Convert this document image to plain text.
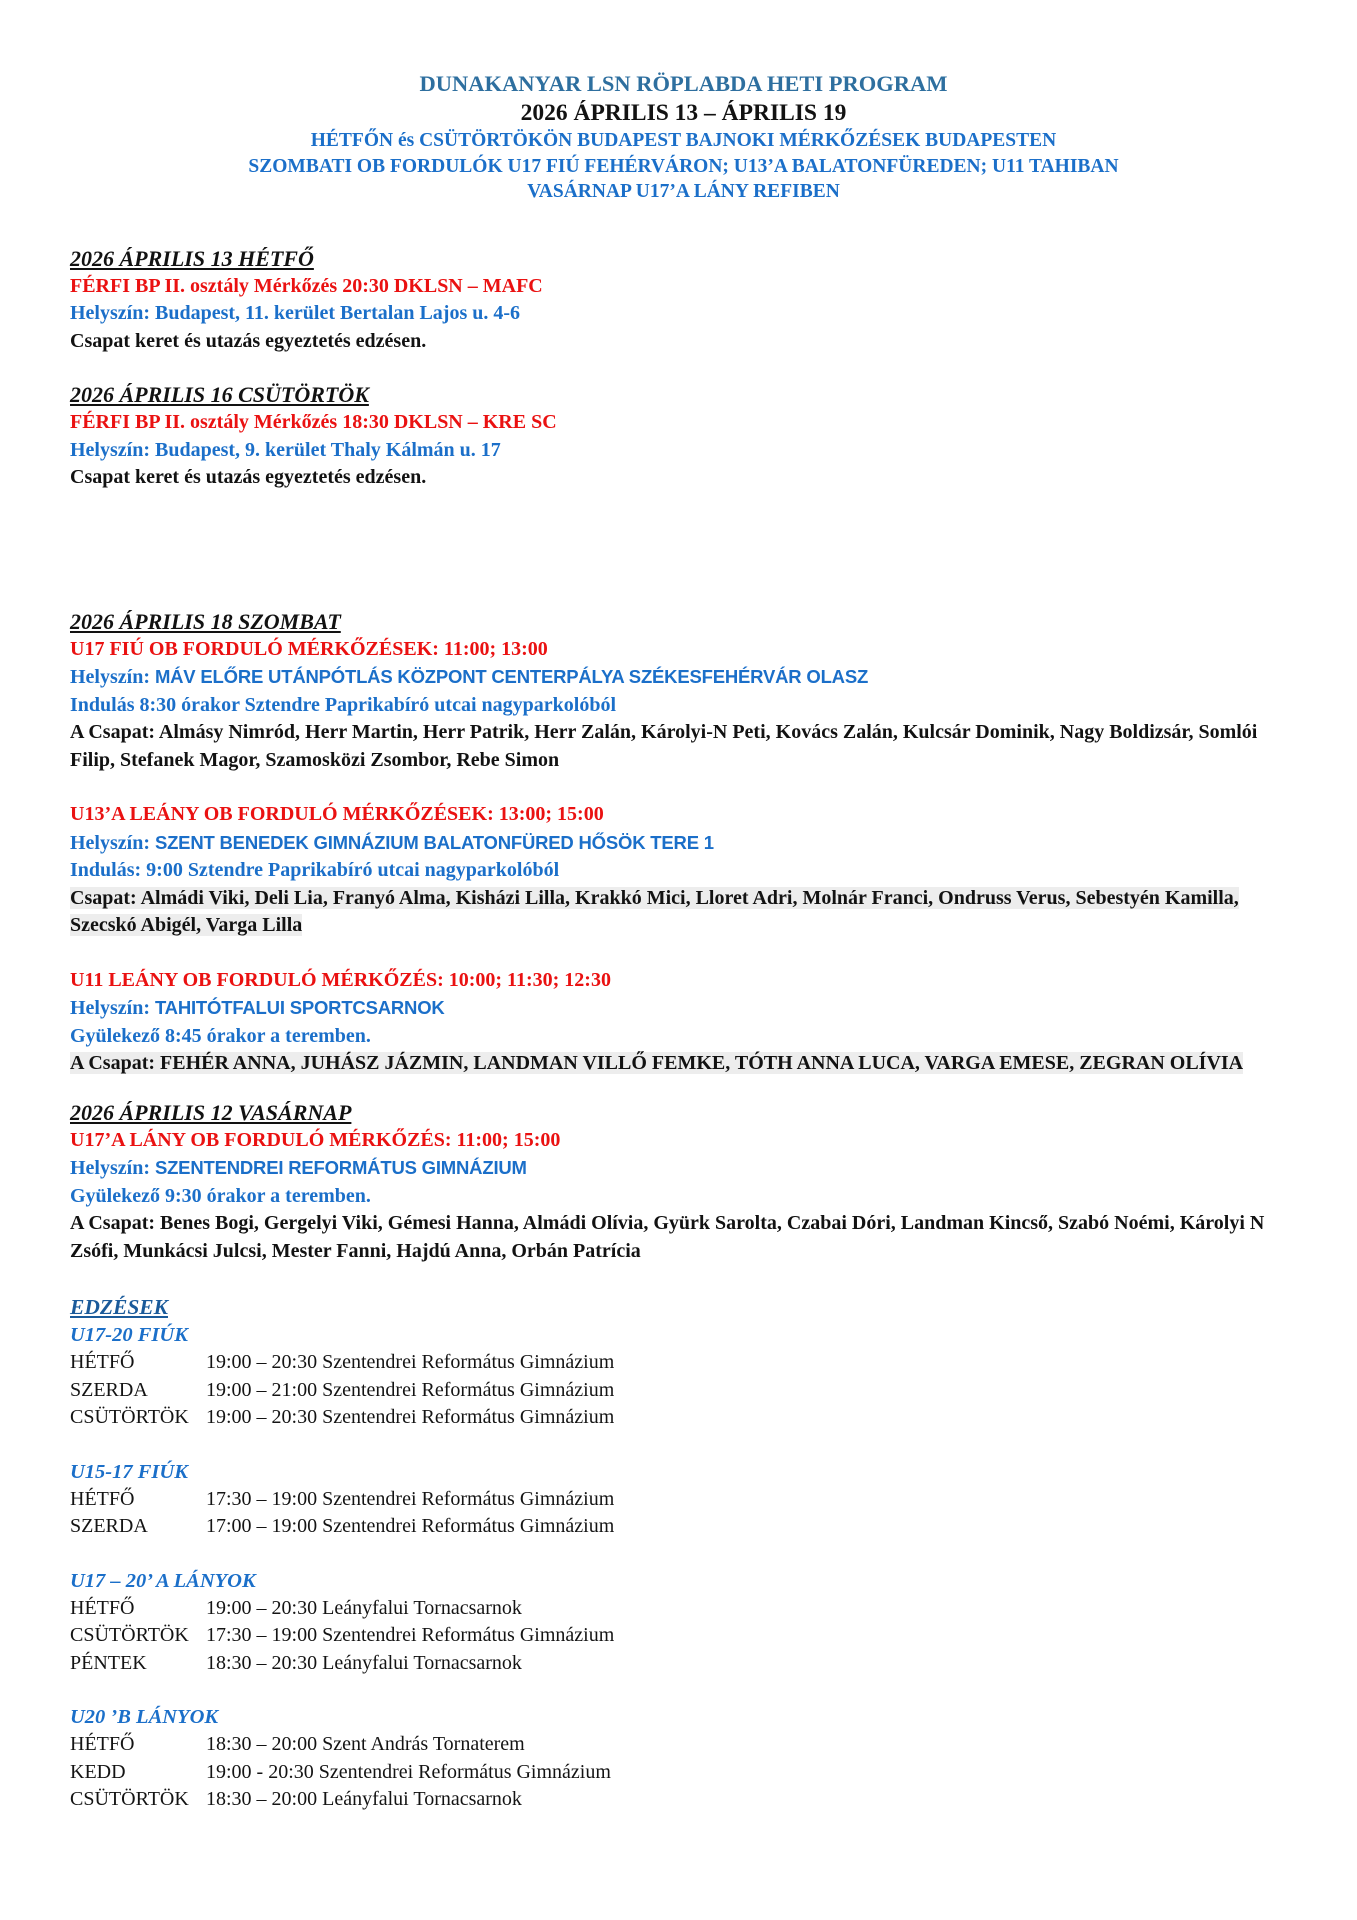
DUNAKANYAR LSN RÖPLABDA HETI PROGRAM
2026 ÁPRILIS 13 – ÁPRILIS 19
HÉTFŐN és CSÜTÖRTÖKÖN BUDAPEST BAJNOKI MÉRKŐZÉSEK BUDAPESTEN
SZOMBATI OB FORDULÓK U17 FIÚ FEHÉRVÁRON; U13’A BALATONFÜREDEN; U11 TAHIBAN
VASÁRNAP U17’A LÁNY REFIBEN
2026 ÁPRILIS 13 HÉTFŐ
FÉRFI BP II. osztály Mérkőzés 20:30 DKLSN – MAFC
Helyszín: Budapest, 11. kerület Bertalan Lajos u. 4-6
Csapat keret és utazás egyeztetés edzésen.
2026 ÁPRILIS 16 CSÜTÖRTÖK
FÉRFI BP II. osztály Mérkőzés 18:30 DKLSN – KRE SC
Helyszín: Budapest, 9. kerület Thaly Kálmán u. 17
Csapat keret és utazás egyeztetés edzésen.
2026 ÁPRILIS 18 SZOMBAT
U17 FIÚ OB FORDULÓ MÉRKŐZÉSEK: 11:00; 13:00
Helyszín: MÁV ELŐRE UTÁNPÓTLÁS KÖZPONT CENTERPÁLYA SZÉKESFEHÉRVÁR OLASZ
Indulás 8:30 órakor Sztendre Paprikabíró utcai nagyparkolóból
A Csapat: Almásy Nimród, Herr Martin, Herr Patrik, Herr Zalán, Károlyi-N Peti, Kovács Zalán, Kulcsár Dominik, Nagy Boldizsár, Somlói Filip, Stefanek Magor, Szamosközi Zsombor, Rebe Simon
U13’A LEÁNY OB FORDULÓ MÉRKŐZÉSEK: 13:00; 15:00
Helyszín: SZENT BENEDEK GIMNÁZIUM BALATONFÜRED HŐSÖK TERE 1
Indulás: 9:00 Sztendre Paprikabíró utcai nagyparkolóból
Csapat: Almádi Viki, Deli Lia, Franyó Alma, Kisházi Lilla, Krakkó Mici, Lloret Adri, Molnár Franci, Ondruss Verus, Sebestyén Kamilla, Szecskó Abigél, Varga Lilla
U11 LEÁNY OB FORDULÓ MÉRKŐZÉS: 10:00; 11:30; 12:30
Helyszín: TAHITÓTFALUI SPORTCSARNOK
Gyülekező 8:45 órakor a teremben.
A Csapat: FEHÉR ANNA, JUHÁSZ JÁZMIN, LANDMAN VILLŐ FEMKE, TÓTH ANNA LUCA, VARGA EMESE, ZEGRAN OLÍVIA
2026 ÁPRILIS 12 VASÁRNAP
U17’A LÁNY OB FORDULÓ MÉRKŐZÉS: 11:00; 15:00
Helyszín: SZENTENDREI REFORMÁTUS GIMNÁZIUM
Gyülekező 9:30 órakor a teremben.
A Csapat: Benes Bogi, Gergelyi Viki, Gémesi Hanna, Almádi Olívia, Gyürk Sarolta, Czabai Dóri, Landman Kincső, Szabó Noémi, Károlyi N Zsófi, Munkácsi Julcsi, Mester Fanni, Hajdú Anna, Orbán Patrícia
EDZÉSEK
U17-20 FIÚK
HÉTFŐ	19:00 – 20:30 Szentendrei Református Gimnázium
SZERDA	19:00 – 21:00 Szentendrei Református Gimnázium
CSÜTÖRTÖK 19:00 – 20:30 Szentendrei Református Gimnázium
U15-17 FIÚK
HÉTFŐ	17:30 – 19:00 Szentendrei Református Gimnázium
SZERDA	17:00 – 19:00 Szentendrei Református Gimnázium
U17 – 20’ A LÁNYOK
HÉTFŐ	19:00 – 20:30 Leányfalui Tornacsarnok
CSÜTÖRTÖK 17:30 – 19:00 Szentendrei Református Gimnázium
PÉNTEK	18:30 – 20:30 Leányfalui Tornacsarnok
U20 ’B LÁNYOK
HÉTFŐ	18:30 – 20:00 Szent András Tornaterem
KEDD	19:00 - 20:30 Szentendrei Református Gimnázium
CSÜTÖRTÖK 18:30 – 20:00 Leányfalui Tornacsarnok
